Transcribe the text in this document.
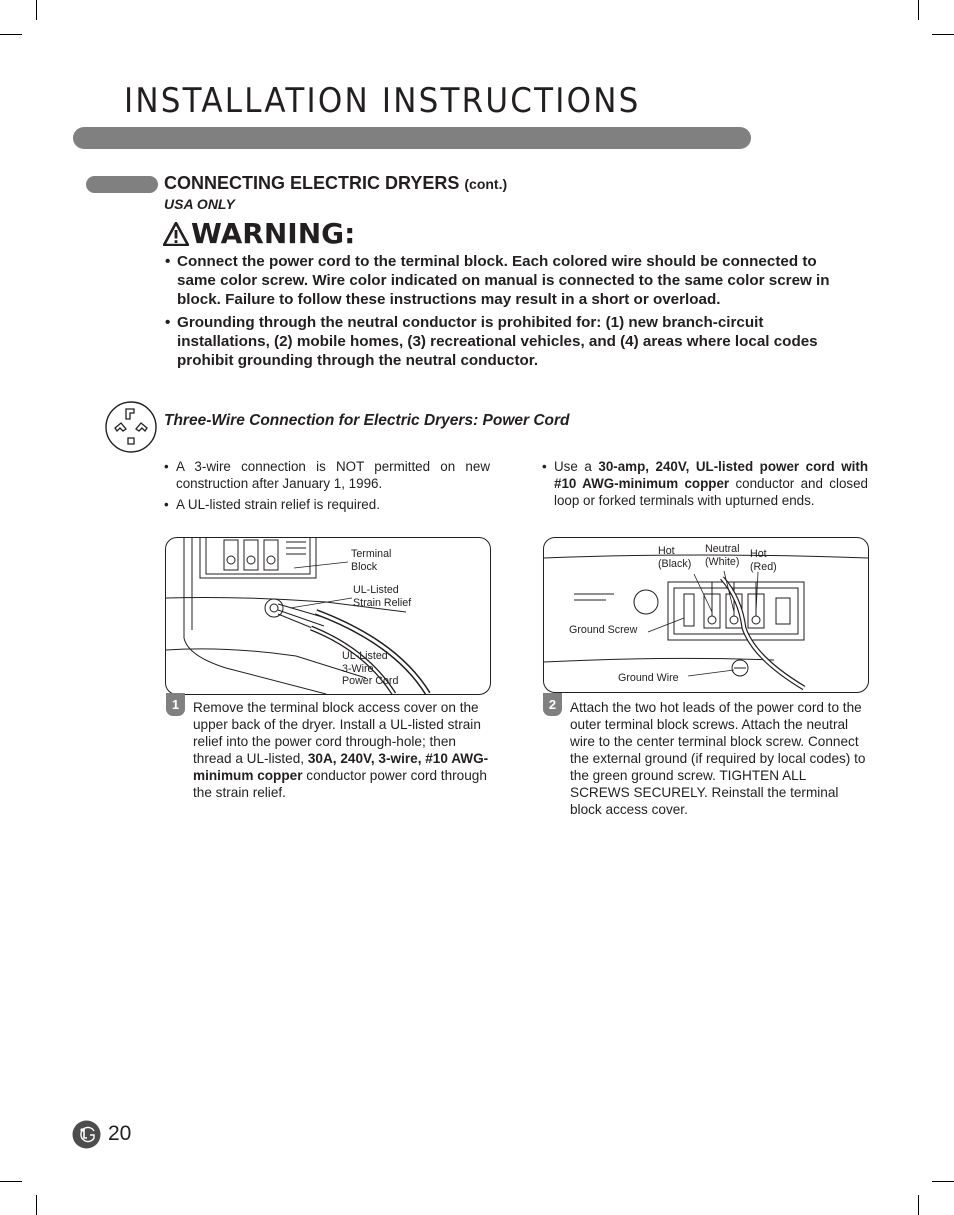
INSTALLATION INSTRUCTIONS
CONNECTING ELECTRIC DRYERS (cont.)
USA ONLY
WARNING:
• Connect the power cord to the terminal block. Each colored wire should be connected to same color screw. Wire color indicated on manual is connected to the same color screw in block. Failure to follow these instructions may result in a short or overload.
• Grounding through the neutral conductor is prohibited for: (1) new branch-circuit installations, (2) mobile homes, (3) recreational vehicles, and (4) areas where local codes prohibit grounding through the neutral conductor.
Three-Wire Connection for Electric Dryers: Power Cord
• A 3-wire connection is NOT permitted on new construction after January 1, 1996.
• A UL-listed strain relief is required.
• Use a 30-amp, 240V, UL-listed power cord with #10 AWG-minimum copper conductor and closed loop or forked terminals with upturned ends.
Terminal
Block
UL-Listed
Strain Relief
UL-Listed
3-Wire
Power Cord
Hot
(Black)
Neutral
(White)
Hot
(Red)
Ground Screw
Ground Wire
1	Remove the terminal block access cover on the upper back of the dryer. Install a UL-listed strain relief into the power cord through-hole; then thread a UL-listed, 30A, 240V, 3-wire, #10 AWG-minimum copper conductor power cord through the strain relief.
2	Attach the two hot leads of the power cord to the outer terminal block screws. Attach the neutral wire to the center terminal block screw. Connect the external ground (if required by local codes) to the green ground screw. TIGHTEN ALL SCREWS SECURELY. Reinstall the terminal block access cover.
20
